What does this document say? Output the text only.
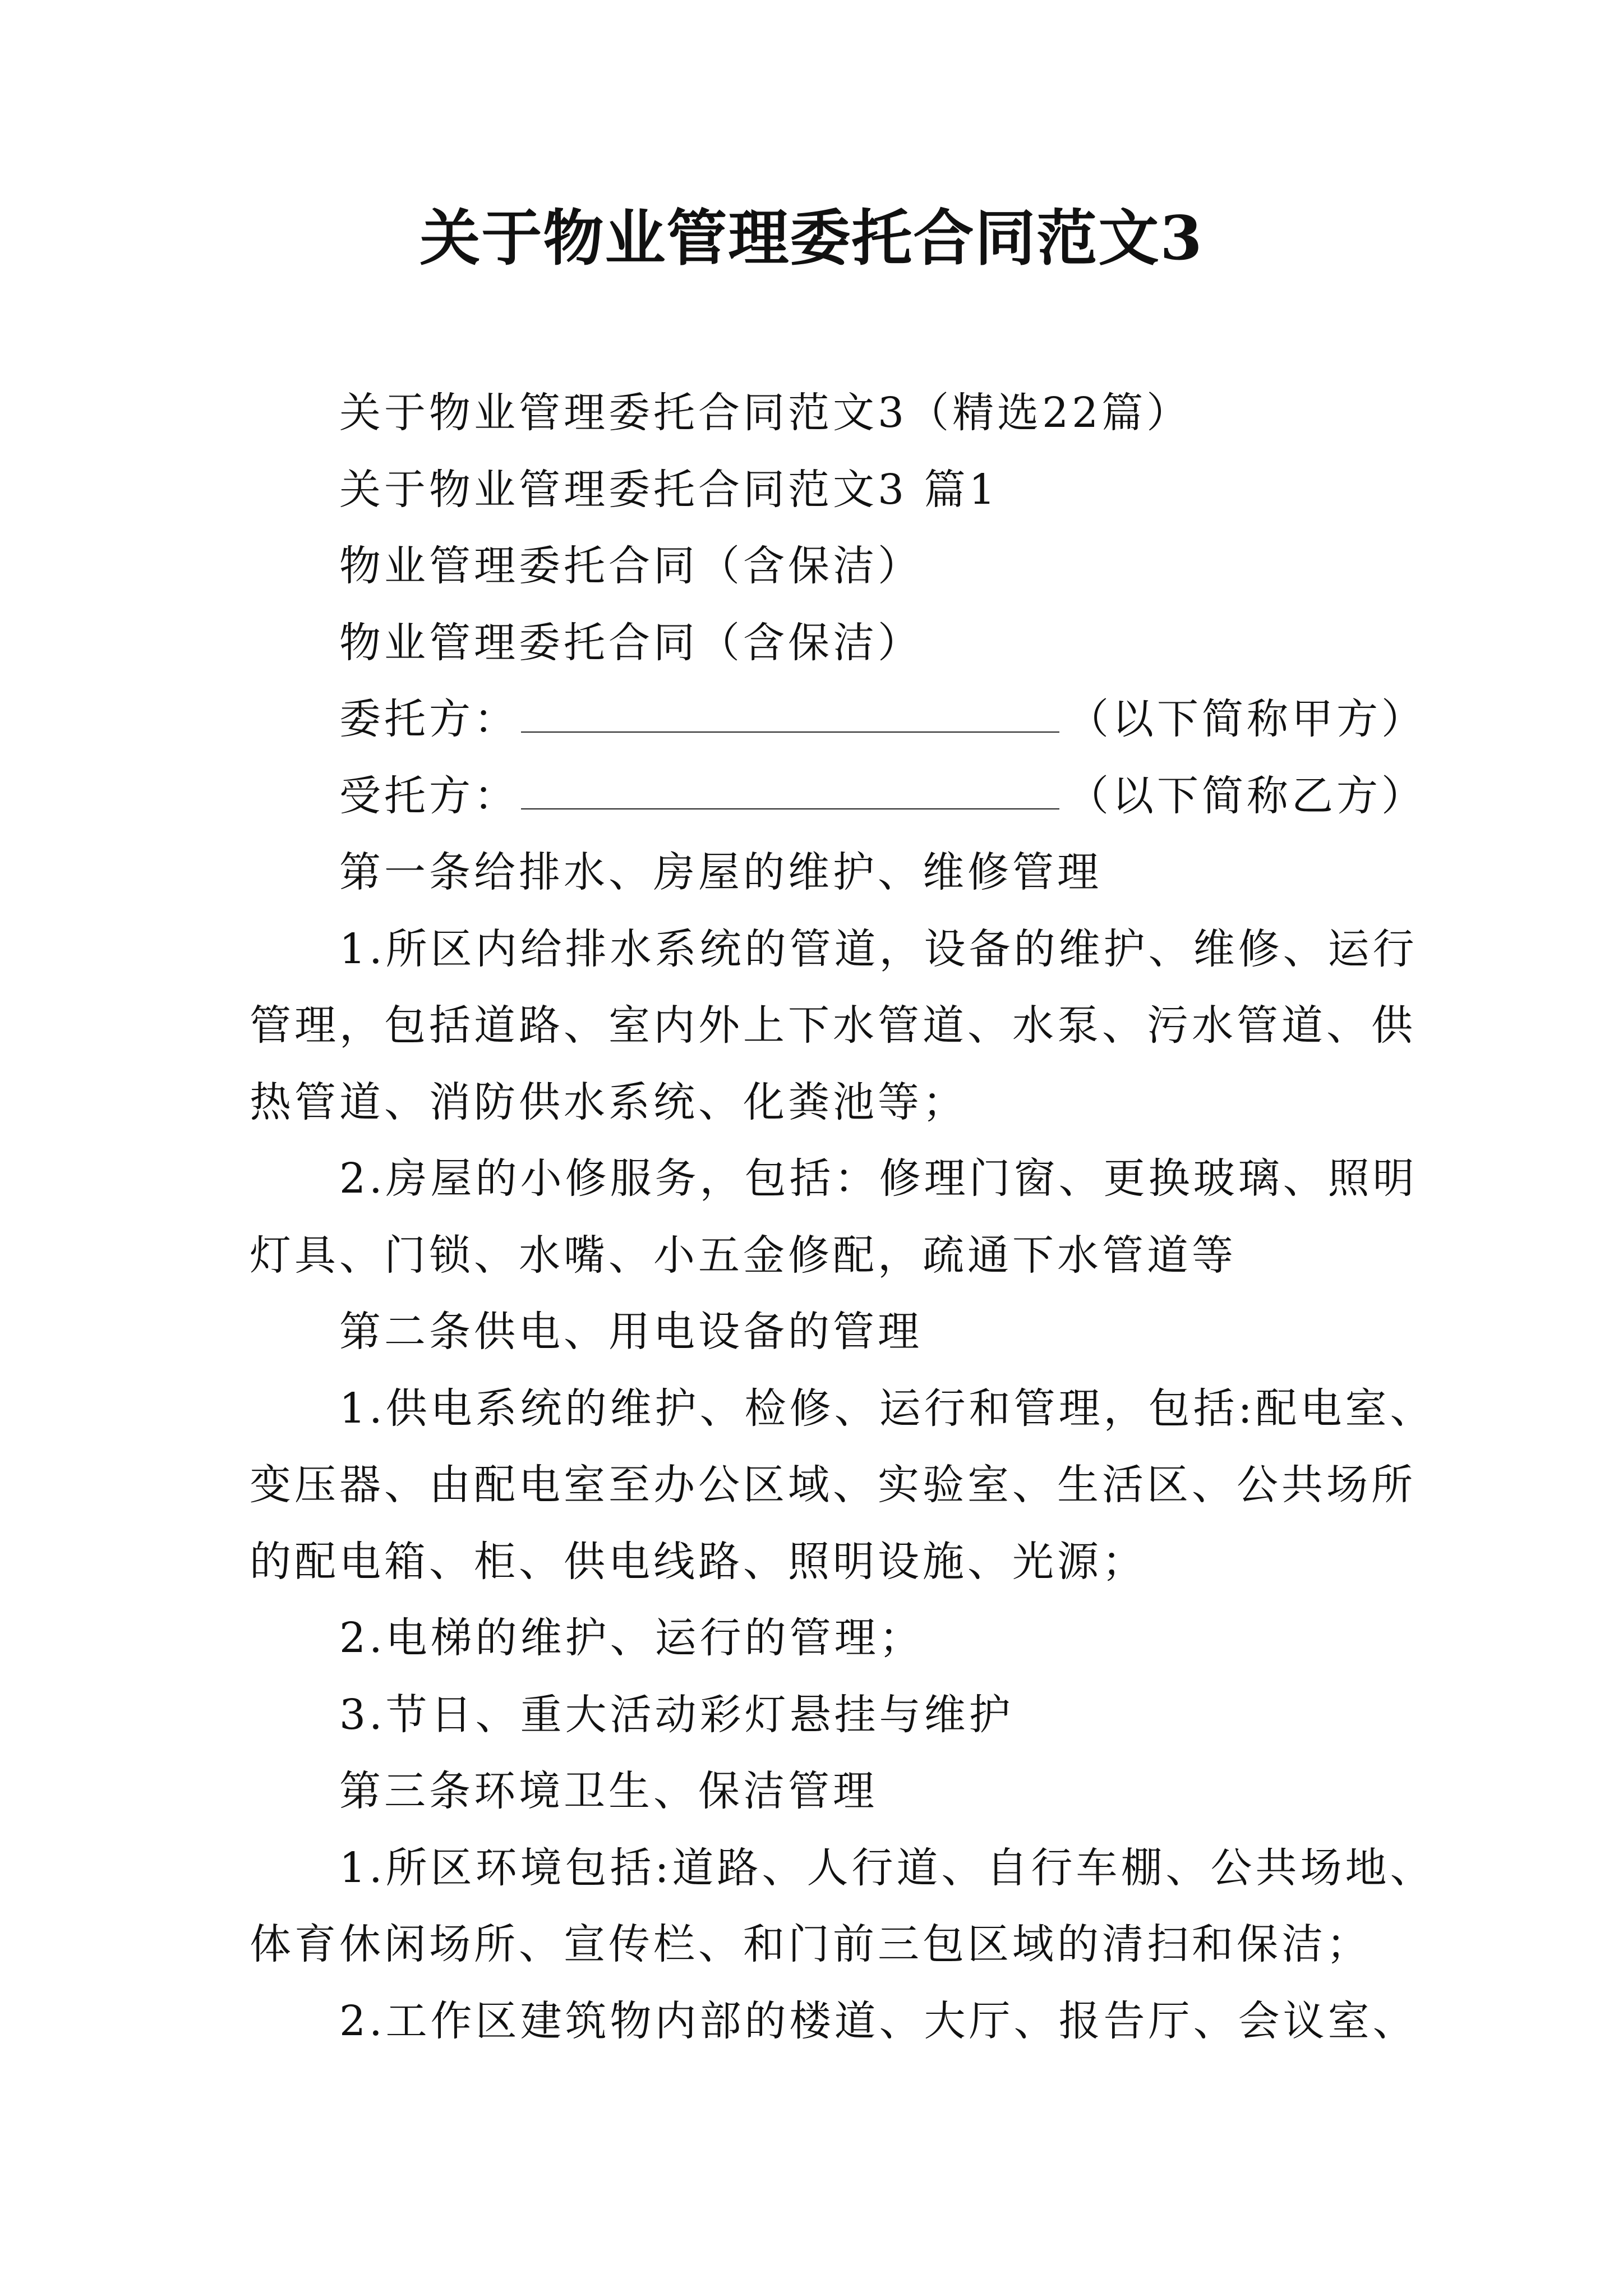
关于物业管理委托合同范文3
关于物业管理委托合同范文3（精选22篇）
关于物业管理委托合同范文3 篇1
物业管理委托合同（含保洁）
物业管理委托合同（含保洁）
委托方：	（以下简称甲方）
受托方：	（以下简称乙方）
第一条给排水、房屋的维护、维修管理
1.所区内给排水系统的管道，设备的维护、维修、运行
管理，包括道路、室内外上下水管道、水泵、污水管道、供
热管道、消防供水系统、化粪池等；
2.房屋的小修服务，包括：修理门窗、更换玻璃、照明
灯具、门锁、水嘴、小五金修配，疏通下水管道等
第二条供电、用电设备的管理
1.供电系统的维护、检修、运行和管理，包括:配电室、
变压器、由配电室至办公区域、实验室、生活区、公共场所
的配电箱、柜、供电线路、照明设施、光源；
2.电梯的维护、运行的管理；
3.节日、重大活动彩灯悬挂与维护
第三条环境卫生、保洁管理
1.所区环境包括:道路、人行道、自行车棚、公共场地、
体育休闲场所、宣传栏、和门前三包区域的清扫和保洁；
2.工作区建筑物内部的楼道、大厅、报告厅、会议室、
